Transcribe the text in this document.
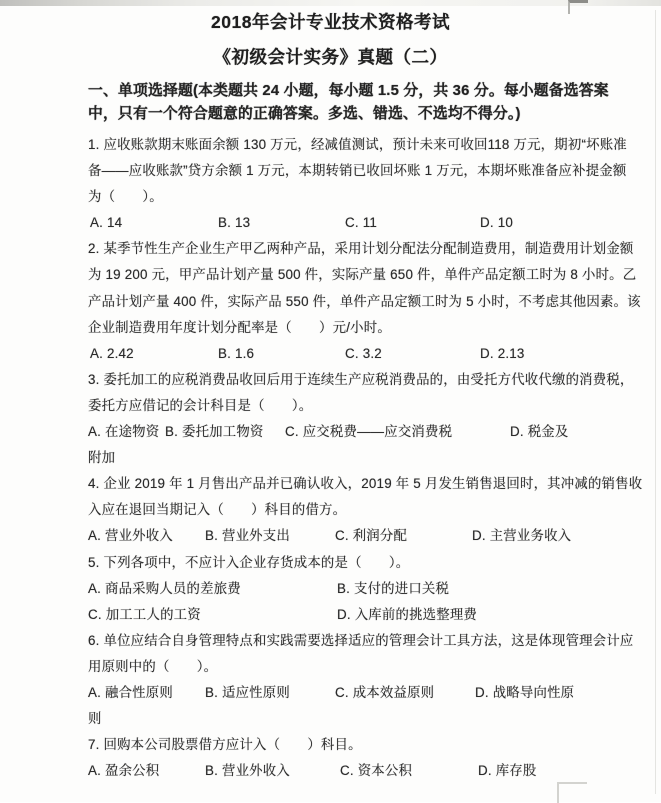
2018年会计专业技术资格考试
《初级会计实务》真题（二）
一、单项选择题(本类题共 24 小题，每小题 1.5 分，共 36 分。每小题备选答案
中，只有一个符合题意的正确答案。多选、错选、不选均不得分。)
1. 应收账款期末账面余额 130 万元，经减值测试，预计未来可收回118 万元，期初“坏账准
备——应收账款”贷方余额 1 万元，本期转销已收回坏账 1 万元，本期坏账准备应补提金额
为（　　）。
A. 14	B. 13	C. 11	D. 10
2. 某季节性生产企业生产甲乙两种产品，采用计划分配法分配制造费用，制造费用计划金额
为 19 200 元，甲产品计划产量 500 件，实际产量 650 件，单件产品定额工时为 8 小时。乙
产品计划产量 400 件，实际产品 550 件，单件产品定额工时为 5 小时，不考虑其他因素。该
企业制造费用年度计划分配率是（　　）元/小时。
A. 2.42	B. 1.6	C. 3.2	D. 2.13
3. 委托加工的应税消费品收回后用于连续生产应税消费品的，由受托方代收代缴的消费税，
委托方应借记的会计科目是（　　）。
A. 在途物资 B. 委托加工物资	C. 应交税费——应交消费税	D. 税金及
附加
4. 企业 2019 年 1 月售出产品并已确认收入，2019 年 5 月发生销售退回时，其冲减的销售收
入应在退回当期记入（　　）科目的借方。
A. 营业外收入	B. 营业外支出	C. 利润分配	D. 主营业务收入
5. 下列各项中，不应计入企业存货成本的是（　　）。
A. 商品采购人员的差旅费	B. 支付的进口关税
C. 加工工人的工资	D. 入库前的挑选整理费
6. 单位应结合自身管理特点和实践需要选择适应的管理会计工具方法，这是体现管理会计应
用原则中的（　　）。
A. 融合性原则	B. 适应性原则	C. 成本效益原则	D. 战略导向性原
则
7. 回购本公司股票借方应计入（　　）科目。
A. 盈余公积	B. 营业外收入	C. 资本公积	D. 库存股
